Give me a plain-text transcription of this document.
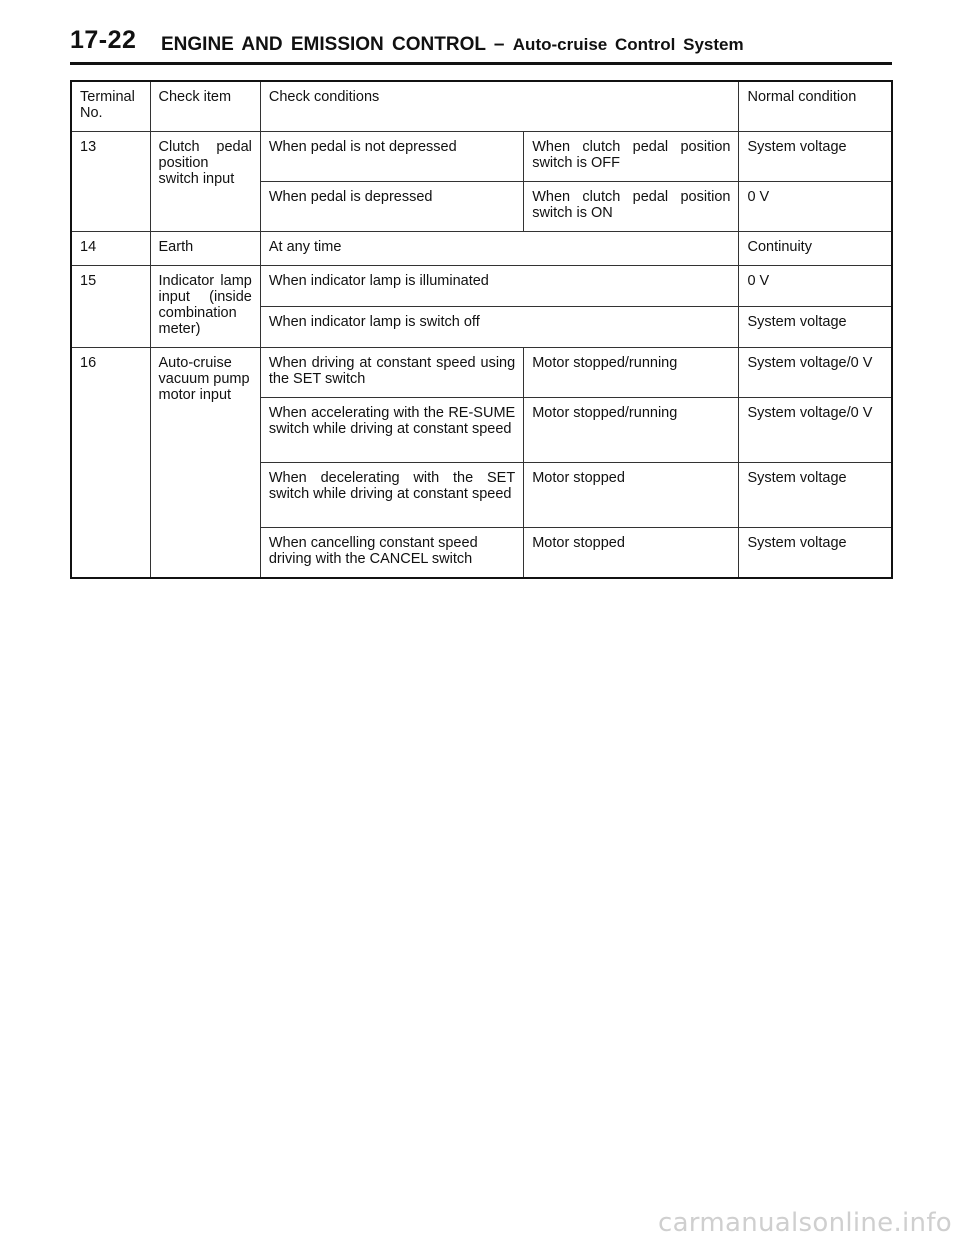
17-22 ENGINE AND EMISSION CONTROL – Auto-cruise Control System
Terminal No.	Check item	Check conditions		Normal condition
13	Clutch pedal position switch input	When pedal is not depressed	When clutch pedal position switch is OFF	System voltage
		When pedal is depressed	When clutch pedal position switch is ON	0 V
14	Earth	At any time		Continuity
15	Indicator lamp input (inside combination meter)	When indicator lamp is illuminated		0 V
		When indicator lamp is switch off		System voltage
16	Auto-cruise vacuum pump motor input	When driving at constant speed using the SET switch	Motor stopped/running	System voltage/0 V
		When accelerating with the RE-SUME switch while driving at constant speed	Motor stopped/running	System voltage/0 V
		When decelerating with the SET switch while driving at constant speed	Motor stopped	System voltage
		When cancelling constant speed driving with the CANCEL switch	Motor stopped	System voltage
carmanualsonline.info
